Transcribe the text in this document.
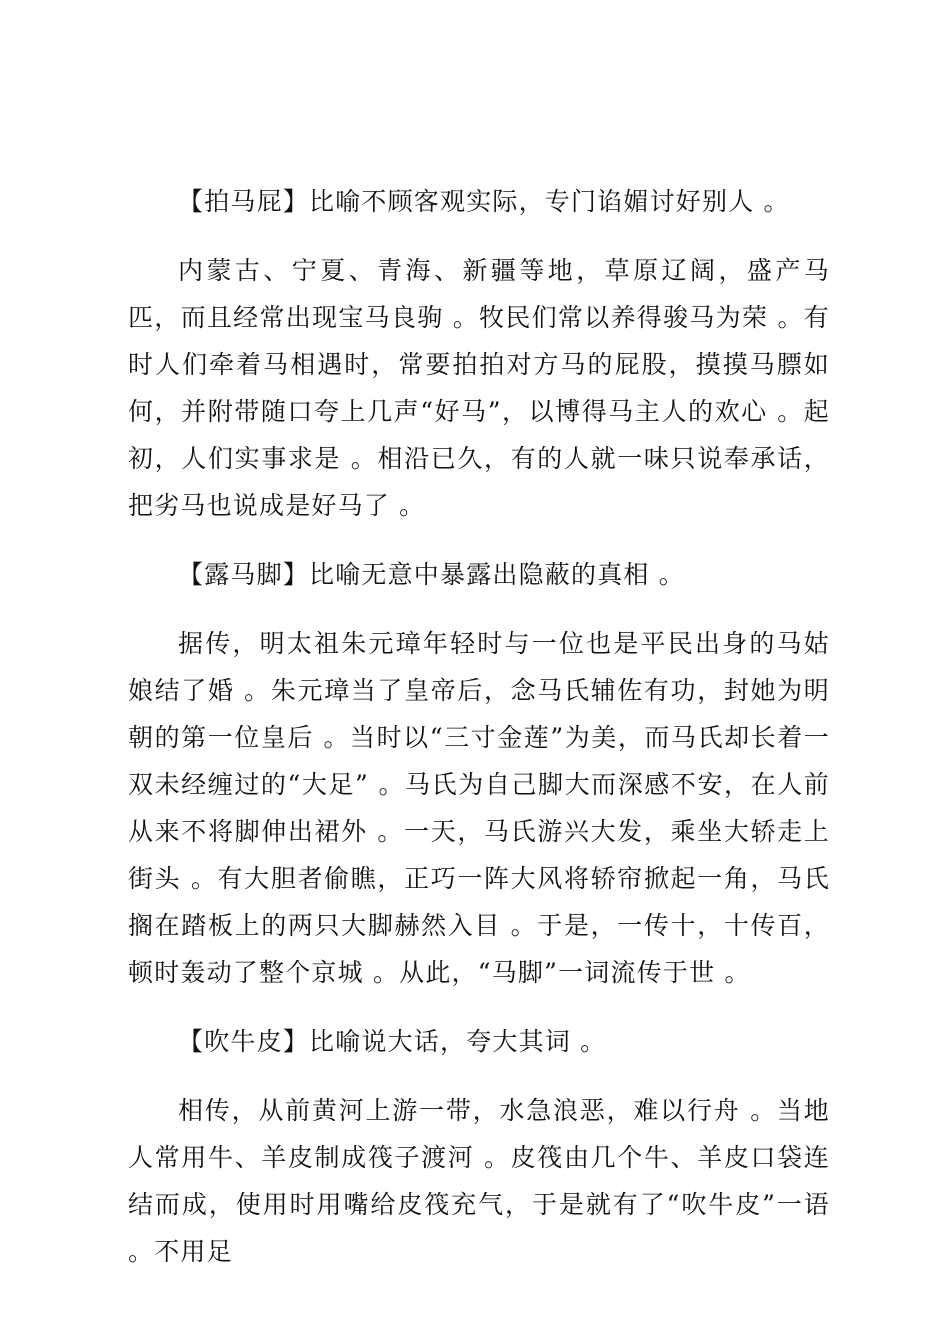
【拍马屁】比喻不顾客观实际，专门谄媚讨好别人 。

内蒙古、宁夏、青海、新疆等地，草原辽阔，盛产马匹，而且经常出现宝马良驹 。牧民们常以养得骏马为荣 。有时人们牵着马相遇时，常要拍拍对方马的屁股，摸摸马膘如何，并附带随口夸上几声“好马”，以博得马主人的欢心 。起初，人们实事求是 。相沿已久，有的人就一味只说奉承话，把劣马也说成是好马了 。

【露马脚】比喻无意中暴露出隐蔽的真相 。

据传，明太祖朱元璋年轻时与一位也是平民出身的马姑娘结了婚 。朱元璋当了皇帝后，念马氏辅佐有功，封她为明朝的第一位皇后 。当时以“三寸金莲”为美，而马氏却长着一双未经缠过的“大足” 。马氏为自己脚大而深感不安，在人前从来不将脚伸出裙外 。一天，马氏游兴大发，乘坐大轿走上街头 。有大胆者偷瞧，正巧一阵大风将轿帘掀起一角，马氏搁在踏板上的两只大脚赫然入目 。于是，一传十，十传百，顿时轰动了整个京城 。从此，“马脚”一词流传于世 。

【吹牛皮】比喻说大话，夸大其词 。

相传，从前黄河上游一带，水急浪恶，难以行舟 。当地人常用牛、羊皮制成筏子渡河 。皮筏由几个牛、羊皮口袋连结而成，使用时用嘴给皮筏充气，于是就有了“吹牛皮”一语 。不用足
